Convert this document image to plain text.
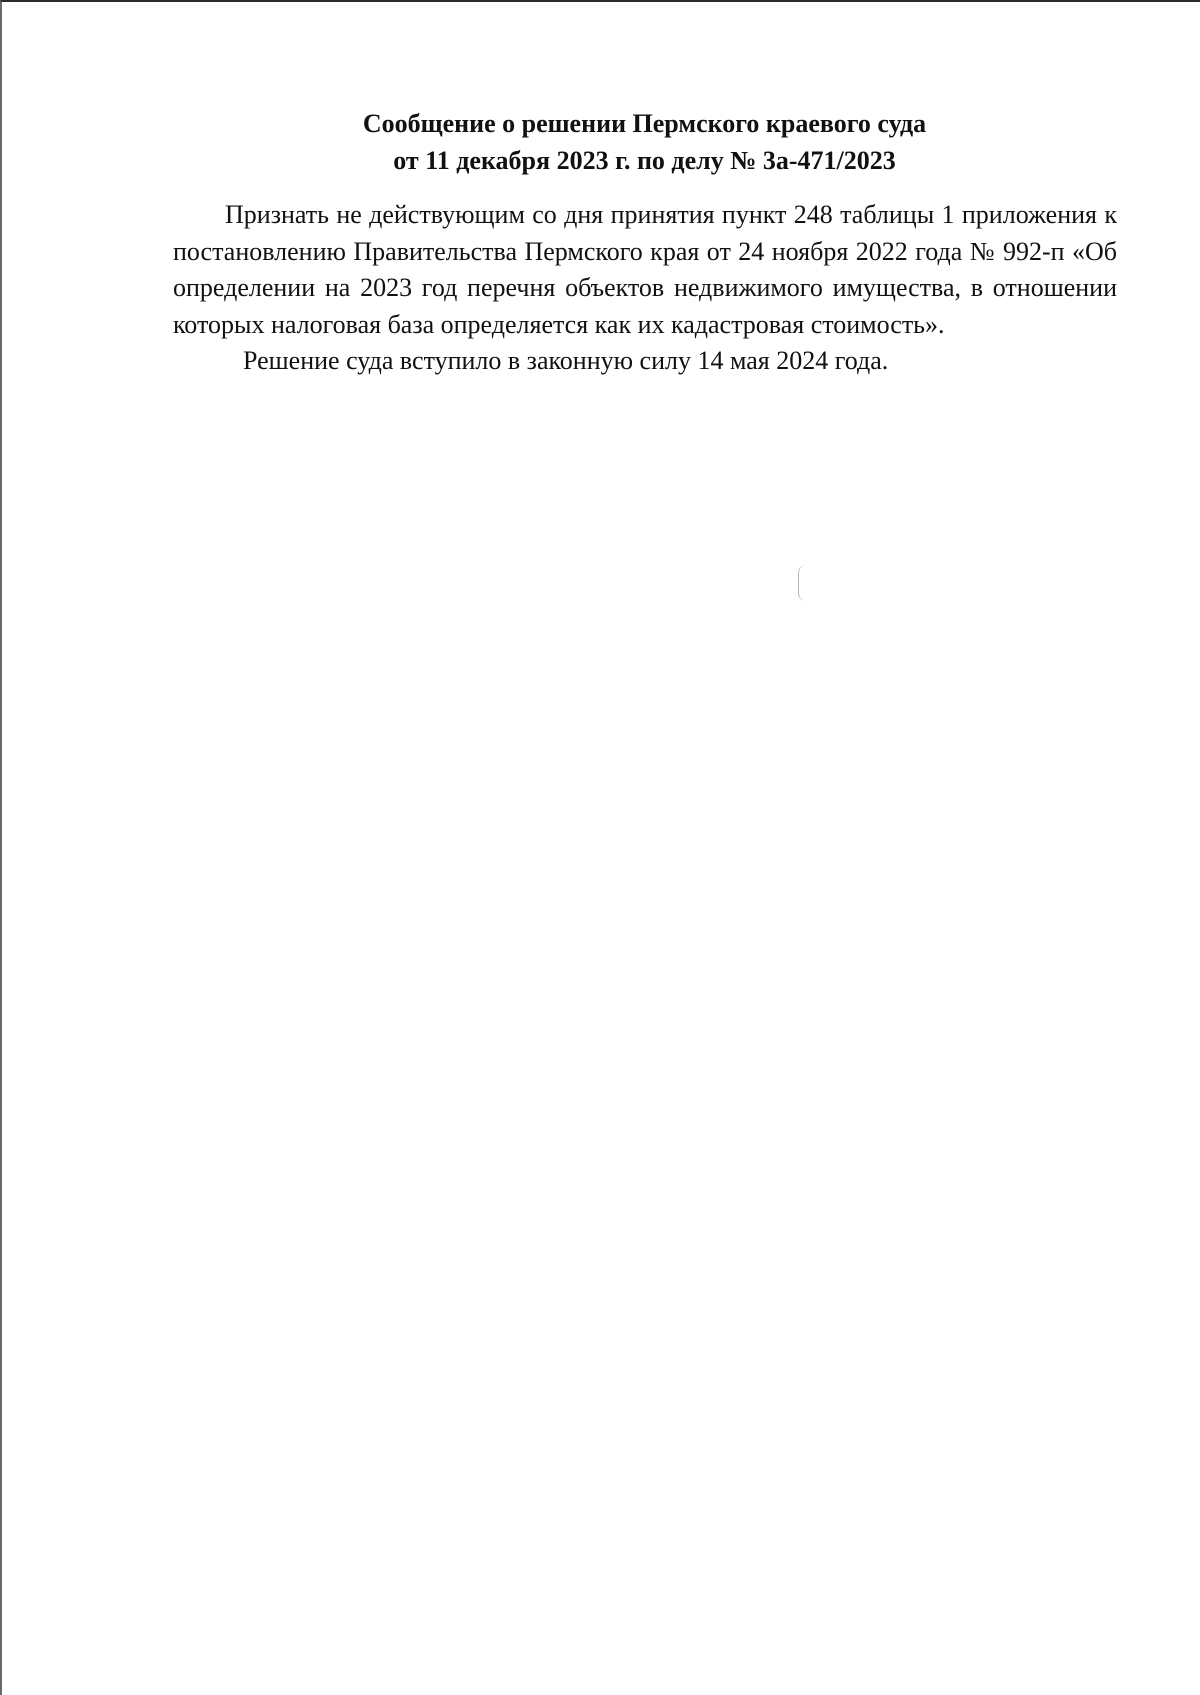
Сообщение о решении Пермского краевого суда
от 11 декабря 2023 г. по делу № 3а-471/2023

Признать не действующим со дня принятия пункт 248 таблицы 1 приложения к постановлению Правительства Пермского края от 24 ноября 2022 года № 992-п «Об определении на 2023 год перечня объектов недвижимого имущества, в отношении которых налоговая база определяется как их кадастровая стоимость».

Решение суда вступило в законную силу 14 мая 2024 года.
